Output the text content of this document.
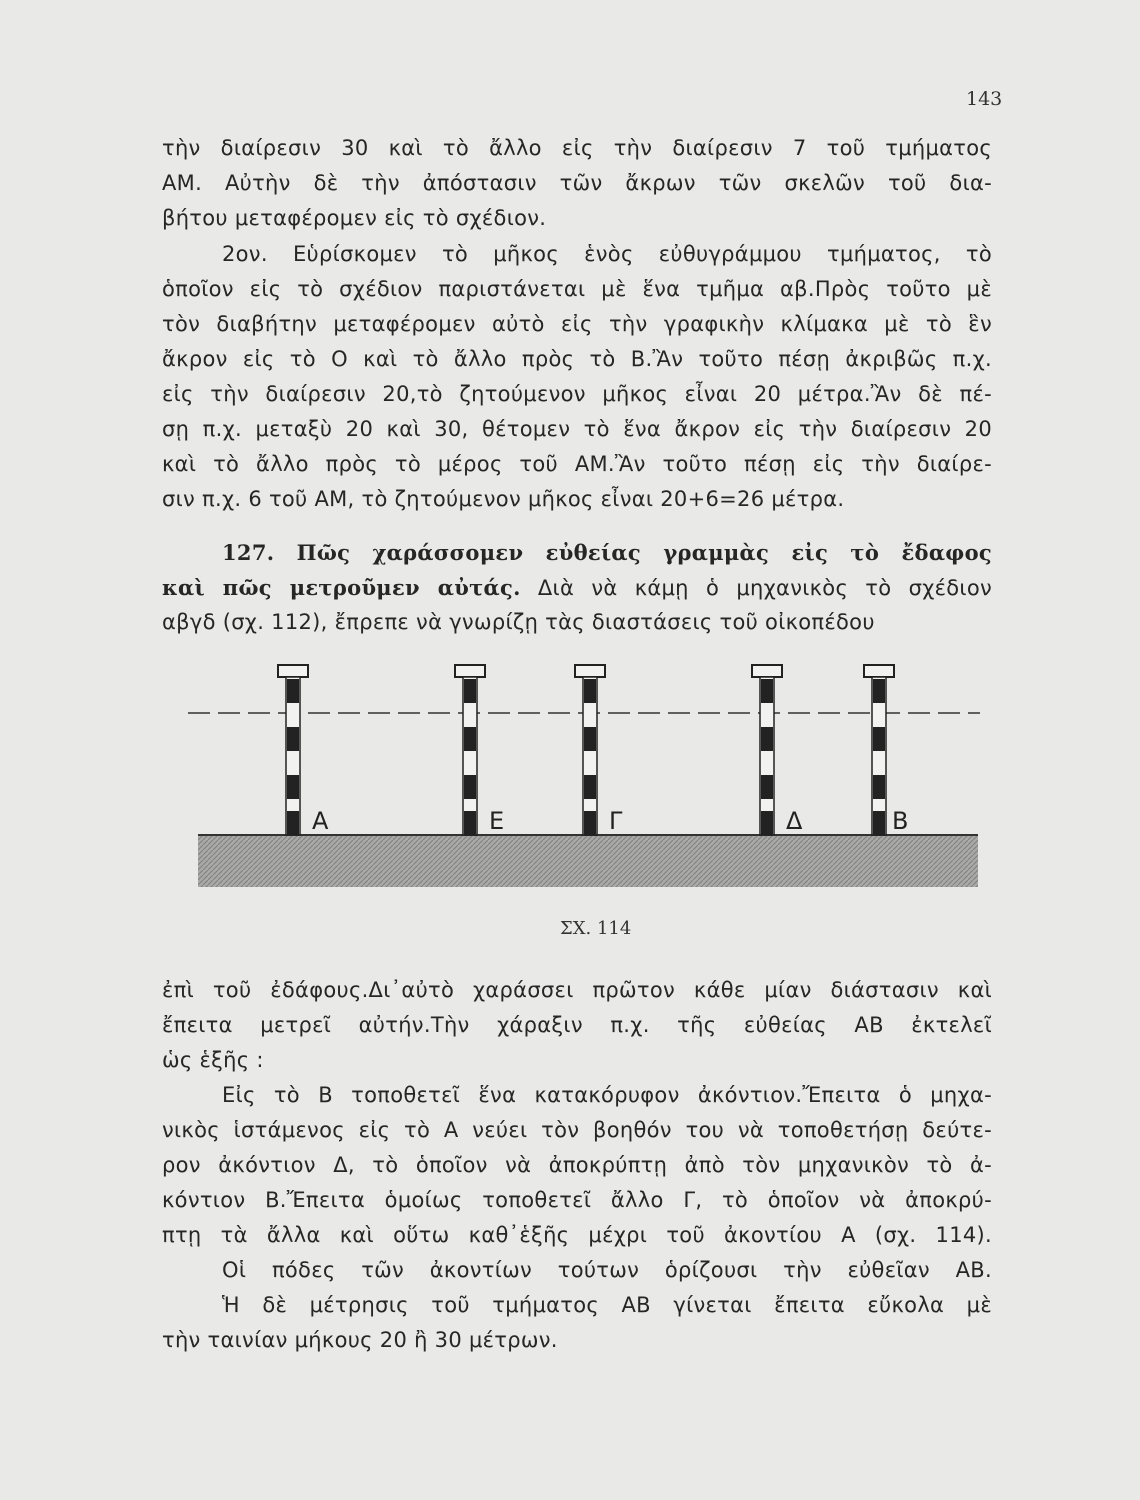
143
τὴν διαίρεσιν 30 καὶ τὸ ἄλλο εἰς τὴν διαίρεσιν 7 τοῦ τμήματος
ΑΜ. Αὐτὴν δὲ τὴν ἀπόστασιν τῶν ἄκρων τῶν σκελῶν τοῦ δια-
βήτου μεταφέρομεν εἰς τὸ σχέδιον.
2ον. Εὑρίσκομεν τὸ μῆκος ἑνὸς εὐθυγράμμου τμήματος, τὸ
ὁποῖον εἰς τὸ σχέδιον παριστάνεται μὲ ἕνα τμῆμα αβ.Πρὸς τοῦτο μὲ
τὸν διαβήτην μεταφέρομεν αὐτὸ εἰς τὴν γραφικὴν κλίμακα μὲ τὸ ἓν
ἄκρον εἰς τὸ Ο καὶ τὸ ἄλλο πρὸς τὸ Β.Ἂν τοῦτο πέσῃ ἀκριβῶς π.χ.
εἰς τὴν διαίρεσιν 20,τὸ ζητούμενον μῆκος εἶναι 20 μέτρα.Ἂν δὲ πέ-
σῃ π.χ. μεταξὺ 20 καὶ 30, θέτομεν τὸ ἕνα ἄκρον εἰς τὴν διαίρεσιν 20
καὶ τὸ ἄλλο πρὸς τὸ μέρος τοῦ ΑΜ.Ἂν τοῦτο πέσῃ εἰς τὴν διαίρε-
σιν π.χ. 6 τοῦ ΑΜ, τὸ ζητούμενον μῆκος εἶναι 20+6=26 μέτρα.
127. Πῶς χαράσσομεν εὐθείας γραμμὰς εἰς τὸ ἔδαφος
καὶ πῶς μετροῦμεν αὐτάς. Διὰ νὰ κάμῃ ὁ μηχανικὸς τὸ σχέδιον
αβγδ (σχ. 112), ἔπρεπε νὰ γνωρίζῃ τὰς διαστάσεις τοῦ οἰκοπέδου
Α	Ε	Γ	Δ	Β
ΣΧ. 114
ἐπὶ τοῦ ἐδάφους.Δι᾽αὐτὸ χαράσσει πρῶτον κάθε μίαν διάστασιν καὶ
ἔπειτα μετρεῖ αὐτήν.Τὴν χάραξιν π.χ. τῆς εὐθείας ΑΒ ἐκτελεῖ
ὡς ἑξῆς :
Εἰς τὸ Β τοποθετεῖ ἕνα κατακόρυφον ἀκόντιον.Ἔπειτα ὁ μηχα-
νικὸς ἱστάμενος εἰς τὸ Α νεύει τὸν βοηθόν του νὰ τοποθετήσῃ δεύτε-
ρον ἀκόντιον Δ, τὸ ὁποῖον νὰ ἀποκρύπτῃ ἀπὸ τὸν μηχανικὸν τὸ ἀ-
κόντιον Β.Ἔπειτα ὁμοίως τοποθετεῖ ἄλλο Γ, τὸ ὁποῖον νὰ ἀποκρύ-
πτῃ τὰ ἄλλα καὶ οὕτω καθ᾽ἑξῆς μέχρι τοῦ ἀκοντίου Α (σχ. 114).
Οἱ πόδες τῶν ἀκοντίων τούτων ὁρίζουσι τὴν εὐθεῖαν ΑΒ.
Ἡ δὲ μέτρησις τοῦ τμήματος ΑΒ γίνεται ἔπειτα εὔκολα μὲ
τὴν ταινίαν μήκους 20 ἢ 30 μέτρων.
